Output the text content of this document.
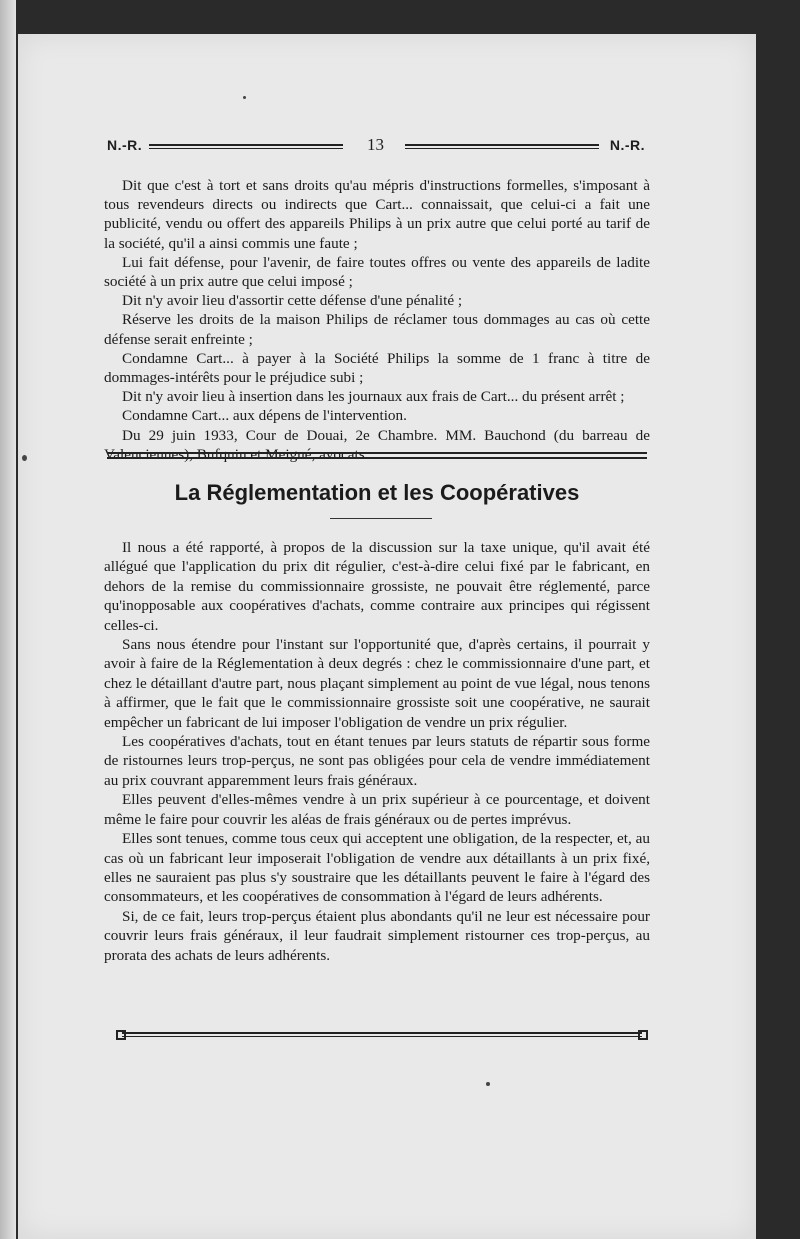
N.-R.	13	N.-R.

Dit que c'est à tort et sans droits qu'au mépris d'instructions formelles, s'imposant à tous revendeurs directs ou indirects que Cart... connaissait, que celui-ci a fait une publicité, vendu ou offert des appareils Philips à un prix autre que celui porté au tarif de la société, qu'il a ainsi commis une faute ;

Lui fait défense, pour l'avenir, de faire toutes offres ou vente des appareils de ladite société à un prix autre que celui imposé ;

Dit n'y avoir lieu d'assortir cette défense d'une pénalité ;

Réserve les droits de la maison Philips de réclamer tous dommages au cas où cette défense serait enfreinte ;

Condamne Cart... à payer à la Société Philips la somme de 1 franc à titre de dommages-intérêts pour le préjudice subi ;

Dit n'y avoir lieu à insertion dans les journaux aux frais de Cart... du présent arrêt ;

Condamne Cart... aux dépens de l'intervention.

Du 29 juin 1933, Cour de Douai, 2e Chambre. MM. Bauchond (du barreau de Valenciennes), Bufquin et Meigné, avocats.

La Réglementation et les Coopératives

Il nous a été rapporté, à propos de la discussion sur la taxe unique, qu'il avait été allégué que l'application du prix dit régulier, c'est-à-dire celui fixé par le fabricant, en dehors de la remise du commissionnaire grossiste, ne pouvait être réglementé, parce qu'inopposable aux coopératives d'achats, comme contraire aux principes qui régissent celles-ci.

Sans nous étendre pour l'instant sur l'opportunité que, d'après certains, il pourrait y avoir à faire de la Réglementation à deux degrés : chez le commissionnaire d'une part, et chez le détaillant d'autre part, nous plaçant simplement au point de vue légal, nous tenons à affirmer, que le fait que le commissionnaire grossiste soit une coopérative, ne saurait empêcher un fabricant de lui imposer l'obligation de vendre un prix régulier.

Les coopératives d'achats, tout en étant tenues par leurs statuts de répartir sous forme de ristournes leurs trop-perçus, ne sont pas obligées pour cela de vendre immédiatement au prix couvrant apparemment leurs frais généraux.

Elles peuvent d'elles-mêmes vendre à un prix supérieur à ce pourcentage, et doivent même le faire pour couvrir les aléas de frais généraux ou de pertes imprévus.

Elles sont tenues, comme tous ceux qui acceptent une obligation, de la respecter, et, au cas où un fabricant leur imposerait l'obligation de vendre aux détaillants à un prix fixé, elles ne sauraient pas plus s'y soustraire que les détaillants peuvent le faire à l'égard des consommateurs, et les coopératives de consommation à l'égard de leurs adhérents.

Si, de ce fait, leurs trop-perçus étaient plus abondants qu'il ne leur est nécessaire pour couvrir leurs frais généraux, il leur faudrait simplement ristourner ces trop-perçus, au prorata des achats de leurs adhérents.
